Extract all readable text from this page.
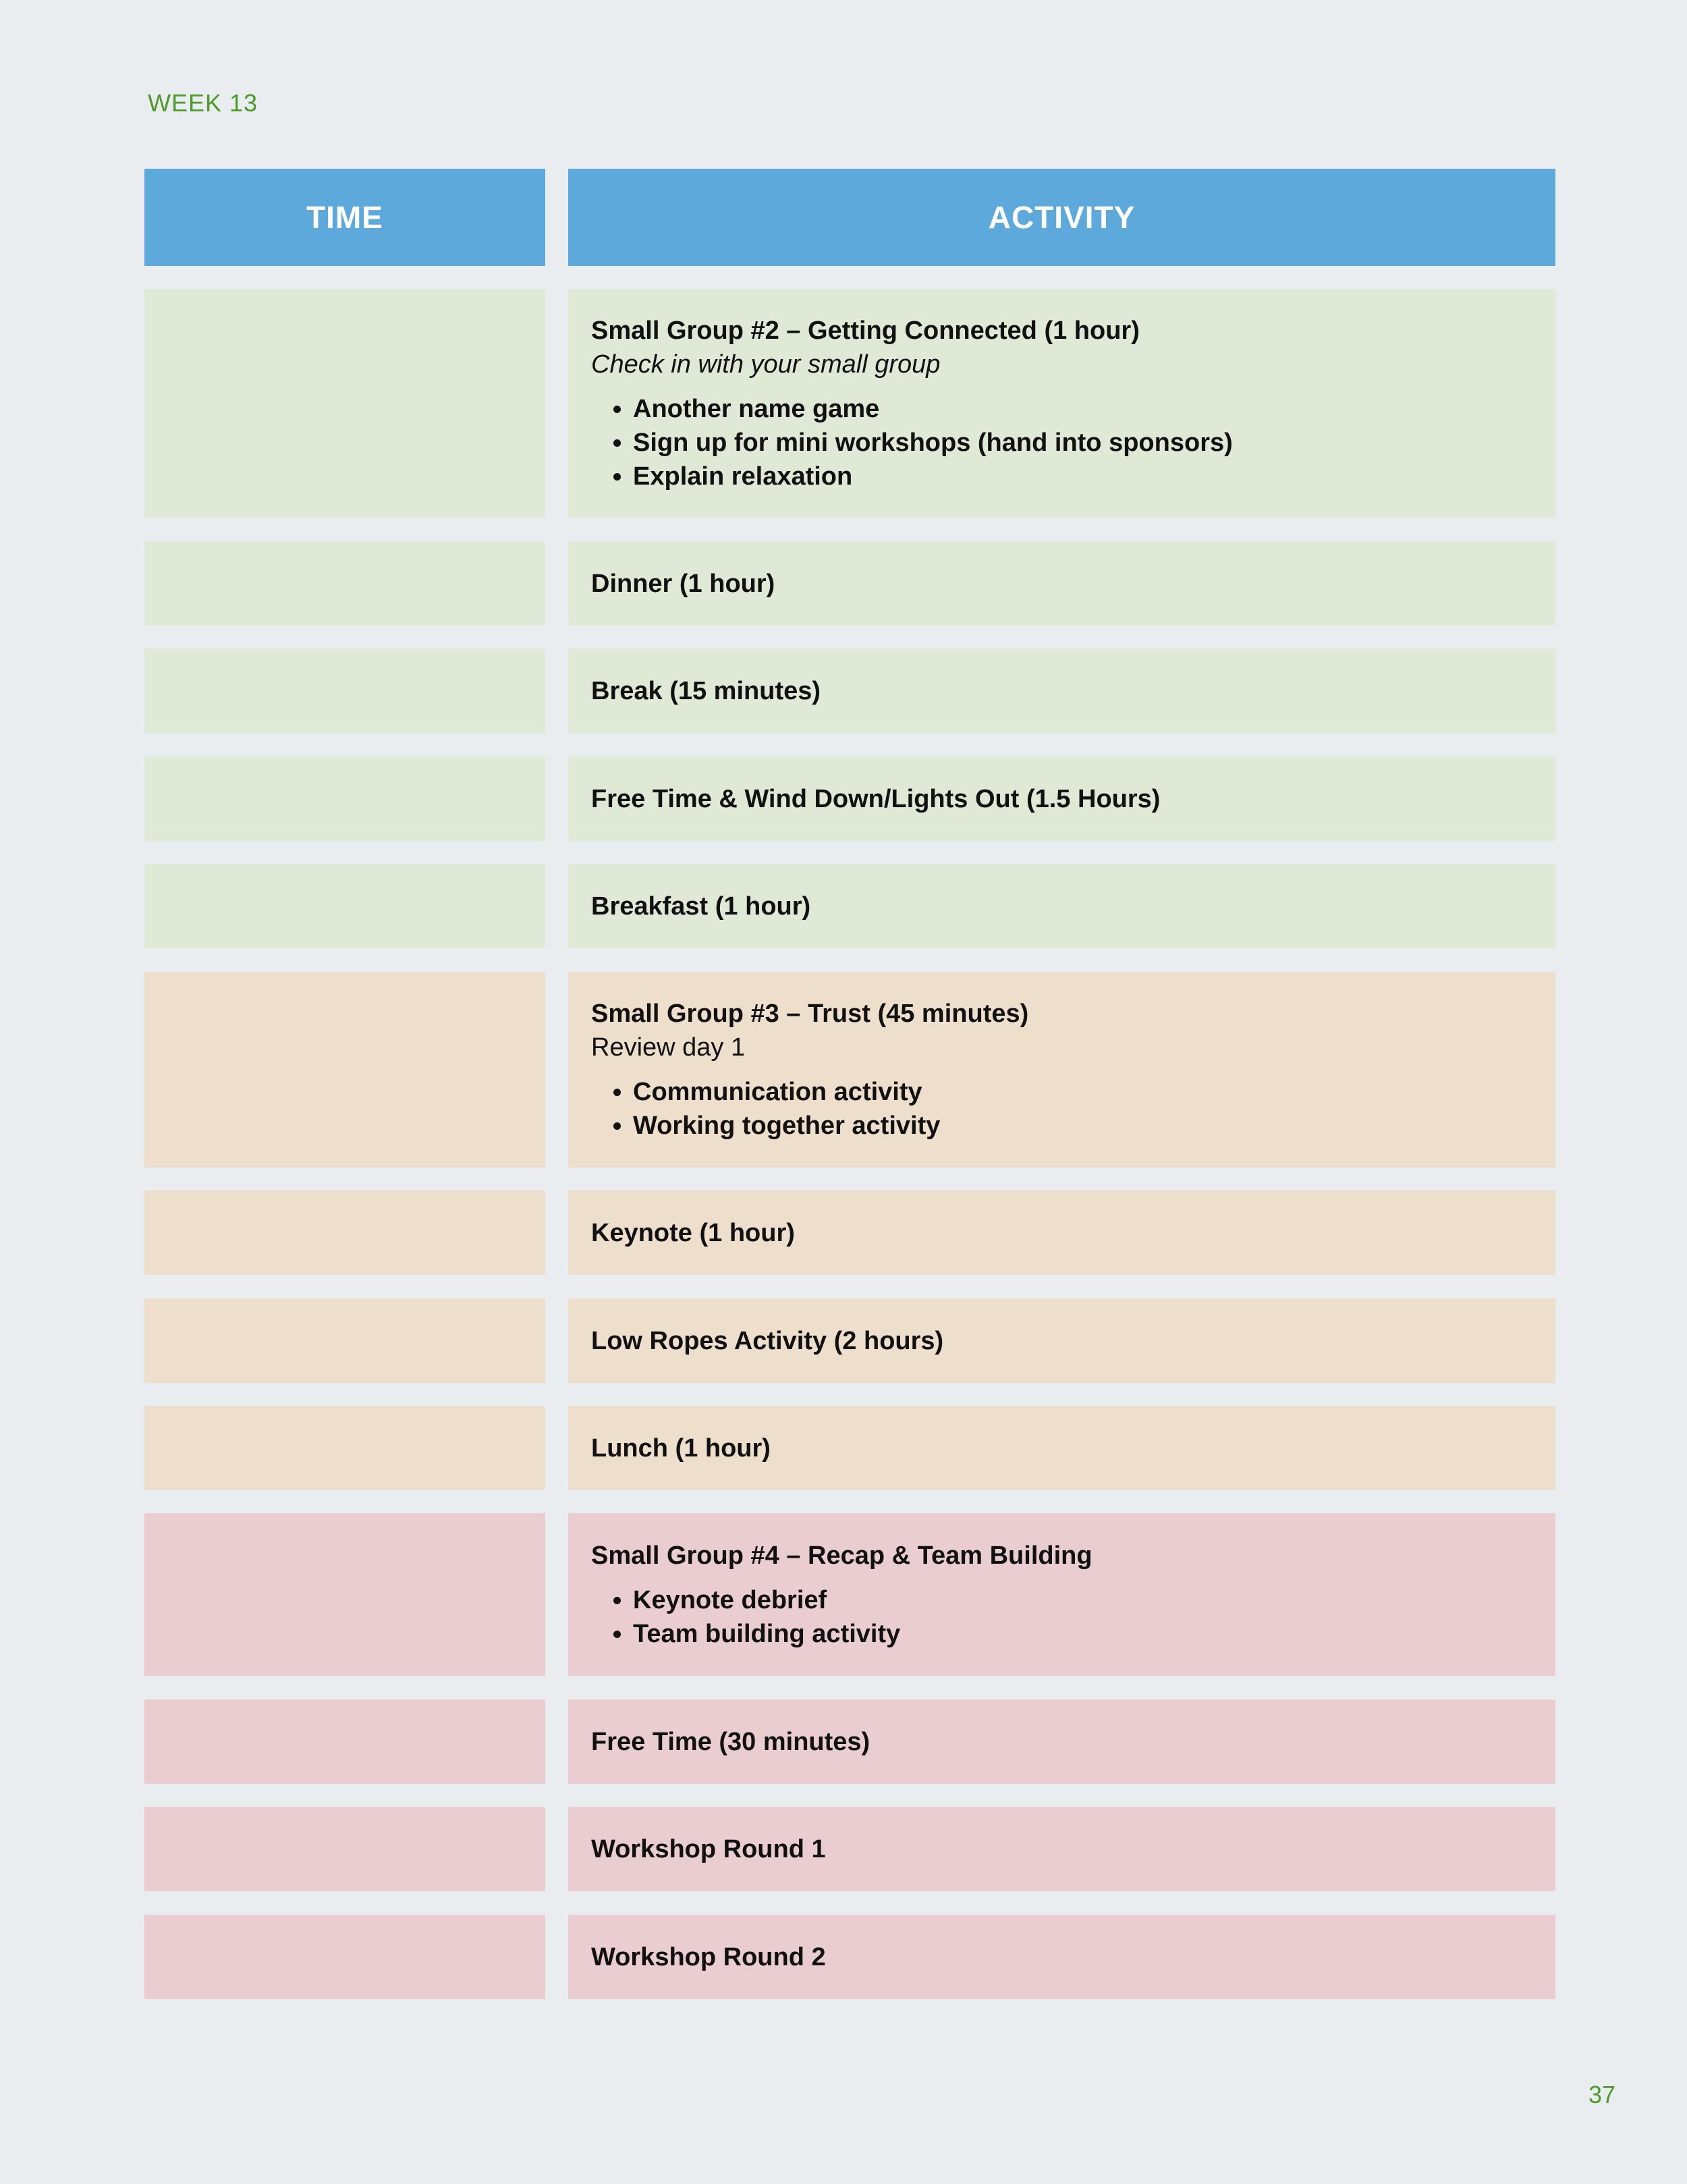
WEEK 13
TIME	ACTIVITY
Small Group #2 – Getting Connected (1 hour)
Check in with your small group
• Another name game
• Sign up for mini workshops (hand into sponsors)
• Explain relaxation
Dinner (1 hour)
Break (15 minutes)
Free Time & Wind Down/Lights Out (1.5 Hours)
Breakfast (1 hour)
Small Group #3 – Trust (45 minutes)
Review day 1
• Communication activity
• Working together activity
Keynote (1 hour)
Low Ropes Activity (2 hours)
Lunch (1 hour)
Small Group #4 – Recap & Team Building
• Keynote debrief
• Team building activity
Free Time (30 minutes)
Workshop Round 1
Workshop Round 2
37
